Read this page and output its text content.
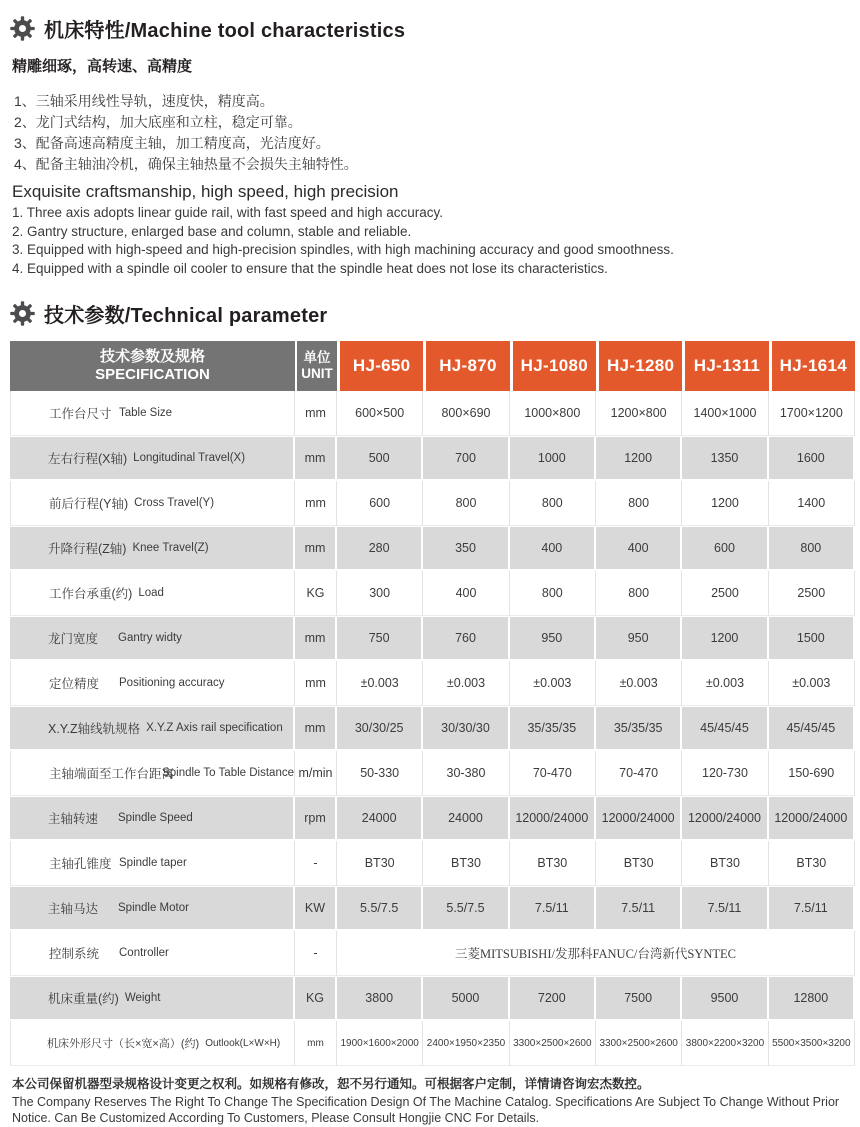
机床特性/Machine tool characteristics
精雕细琢，高转速、高精度
1、三轴采用线性导轨，速度快，精度高。
2、龙门式结构，加大底座和立柱，稳定可靠。
3、配备高速高精度主轴，加工精度高，光洁度好。
4、配备主轴油冷机，确保主轴热量不会损失主轴特性。
Exquisite craftsmanship, high speed, high precision
1. Three axis adopts linear guide rail, with fast speed and high accuracy.
2. Gantry structure, enlarged base and column, stable and reliable.
3. Equipped with high-speed and high-precision spindles, with high machining accuracy and good smoothness.
4. Equipped with a spindle oil cooler to ensure that the spindle heat does not lose its characteristics.
技术参数/Technical parameter
技术参数及规格
SPECIFICATION

单位
UNIT	HJ-650	HJ-870	HJ-1080	HJ-1280	HJ-1311	HJ-1614

工作台尺寸 Table Size	mm	600×500	800×690	1000×800	1200×800	1400×1000	1700×1200

左右行程(X轴) Longitudinal Travel(X)	mm	500	700	1000	1200	1350	1600

前后行程(Y轴) Cross Travel(Y)	mm	600	800	800	800	1200	1400

升降行程(Z轴) Knee Travel(Z)	mm	280	350	400	400	600	800

工作台承重(约) Load	KG	300	400	800	800	2500	2500

龙门宽度 Gantry widty	mm	750	760	950	950	1200	1500

定位精度 Positioning accuracy	mm	±0.003	±0.003	±0.003	±0.003	±0.003	±0.003

X.Y.Z轴线轨规格 X.Y.Z Axis rail specification	mm	30/30/25	30/30/30	35/35/35	35/35/35	45/45/45	45/45/45

主轴端面至工作台距离
Spindle To Table Distance	m/min	50-330	30-380	70-470	70-470	120-730	150-690

主轴转速 Spindle Speed	rpm	24000	24000	12000/24000	12000/24000	12000/24000	12000/24000

主轴孔锥度 Spindle taper	-	BT30	BT30	BT30	BT30	BT30	BT30

主轴马达 Spindle Motor	KW	5.5/7.5	5.5/7.5	7.5/11	7.5/11	7.5/11	7.5/11

控制系统 Controller	-	三菱MITSUBISHI/发那科FANUC/台湾新代SYNTEC					

机床重量(约) Weight	KG	3800	5000	7200	7500	9500	12800

机床外形尺寸（长×宽×高）(约) Outlook(L×W×H)	mm	1900×1600×2000	2400×1950×2350	3300×2500×2600	3300×2500×2600	3800×2200×3200	5500×3500×3200
本公司保留机器型录规格设计变更之权利。如规格有修改，恕不另行通知。可根据客户定制，详情请咨询宏杰数控。
The Company Reserves The Right To Change The Specification Design Of The Machine Catalog. Specifications Are Subject To Change Without Prior Notice. Can Be Customized According To Customers, Please Consult Hongjie CNC For Details.
